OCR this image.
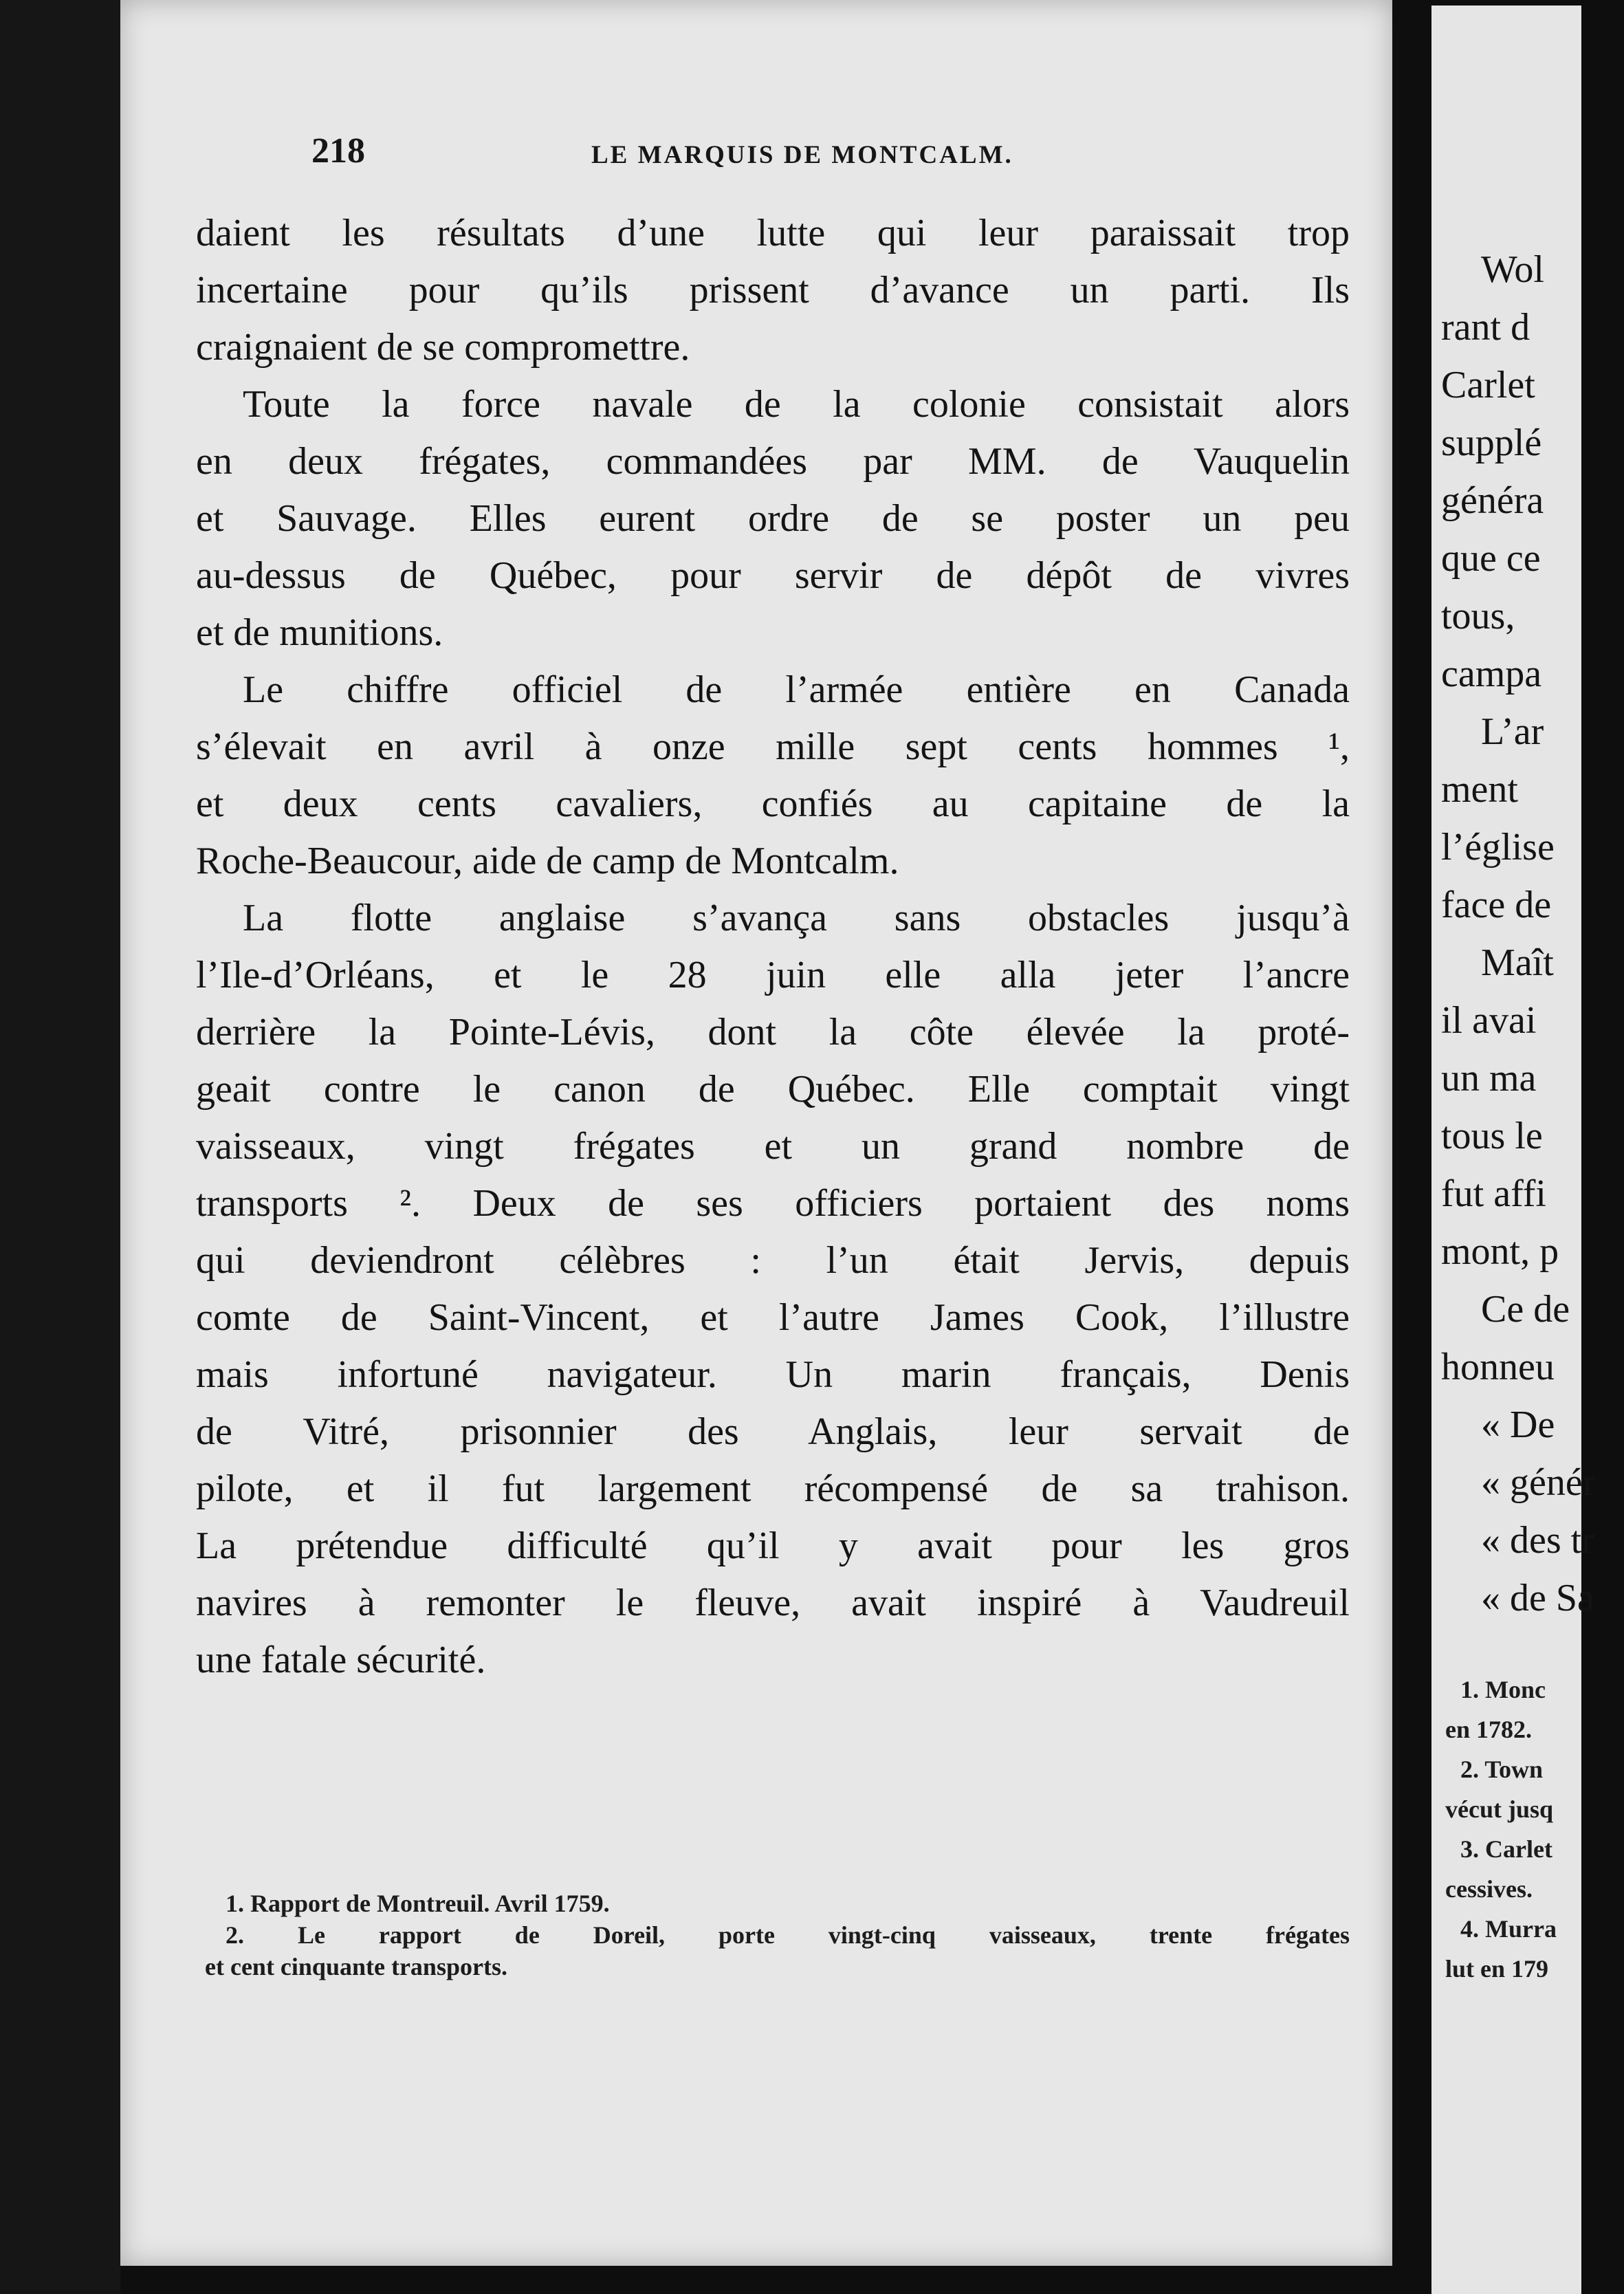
218	LE MARQUIS DE MONTCALM.
daient les résultats d’une lutte qui leur paraissait trop
incertaine pour qu’ils prissent d’avance un parti. Ils
craignaient de se compromettre.
Toute la force navale de la colonie consistait alors
en deux frégates, commandées par MM. de Vauquelin
et Sauvage. Elles eurent ordre de se poster un peu
au-dessus de Québec, pour servir de dépôt de vivres
et de munitions.
Le chiffre officiel de l’armée entière en Canada
s’élevait en avril à onze mille sept cents hommes ¹,
et deux cents cavaliers, confiés au capitaine de la
Roche-Beaucour, aide de camp de Montcalm.
La flotte anglaise s’avança sans obstacles jusqu’à
l’Ile-d’Orléans, et le 28 juin elle alla jeter l’ancre
derrière la Pointe-Lévis, dont la côte élevée la proté-
geait contre le canon de Québec. Elle comptait vingt
vaisseaux, vingt frégates et un grand nombre de
transports ². Deux de ses officiers portaient des noms
qui deviendront célèbres : l’un était Jervis, depuis
comte de Saint-Vincent, et l’autre James Cook, l’illustre
mais infortuné navigateur. Un marin français, Denis
de Vitré, prisonnier des Anglais, leur servait de
pilote, et il fut largement récompensé de sa trahison.
La prétendue difficulté qu’il y avait pour les gros
navires à remonter le fleuve, avait inspiré à Vaudreuil
une fatale sécurité.
1. Rapport de Montreuil. Avril 1759.
2. Le rapport de Doreil, porte vingt-cinq vaisseaux, trente frégates
et cent cinquante transports.
Wol
rant d
Carlet
supplé
généra
que ce
tous,
campa
L’ar
ment
l’église
face de
Maît
il avai
un ma
tous le
fut affi
mont, p
Ce de
honneu
« De
« génér
« des tr
« de Sa
1. Monc
en 1782.
2. Town
vécut jusq
3. Carlet
cessives.
4. Murra
lut en 179
